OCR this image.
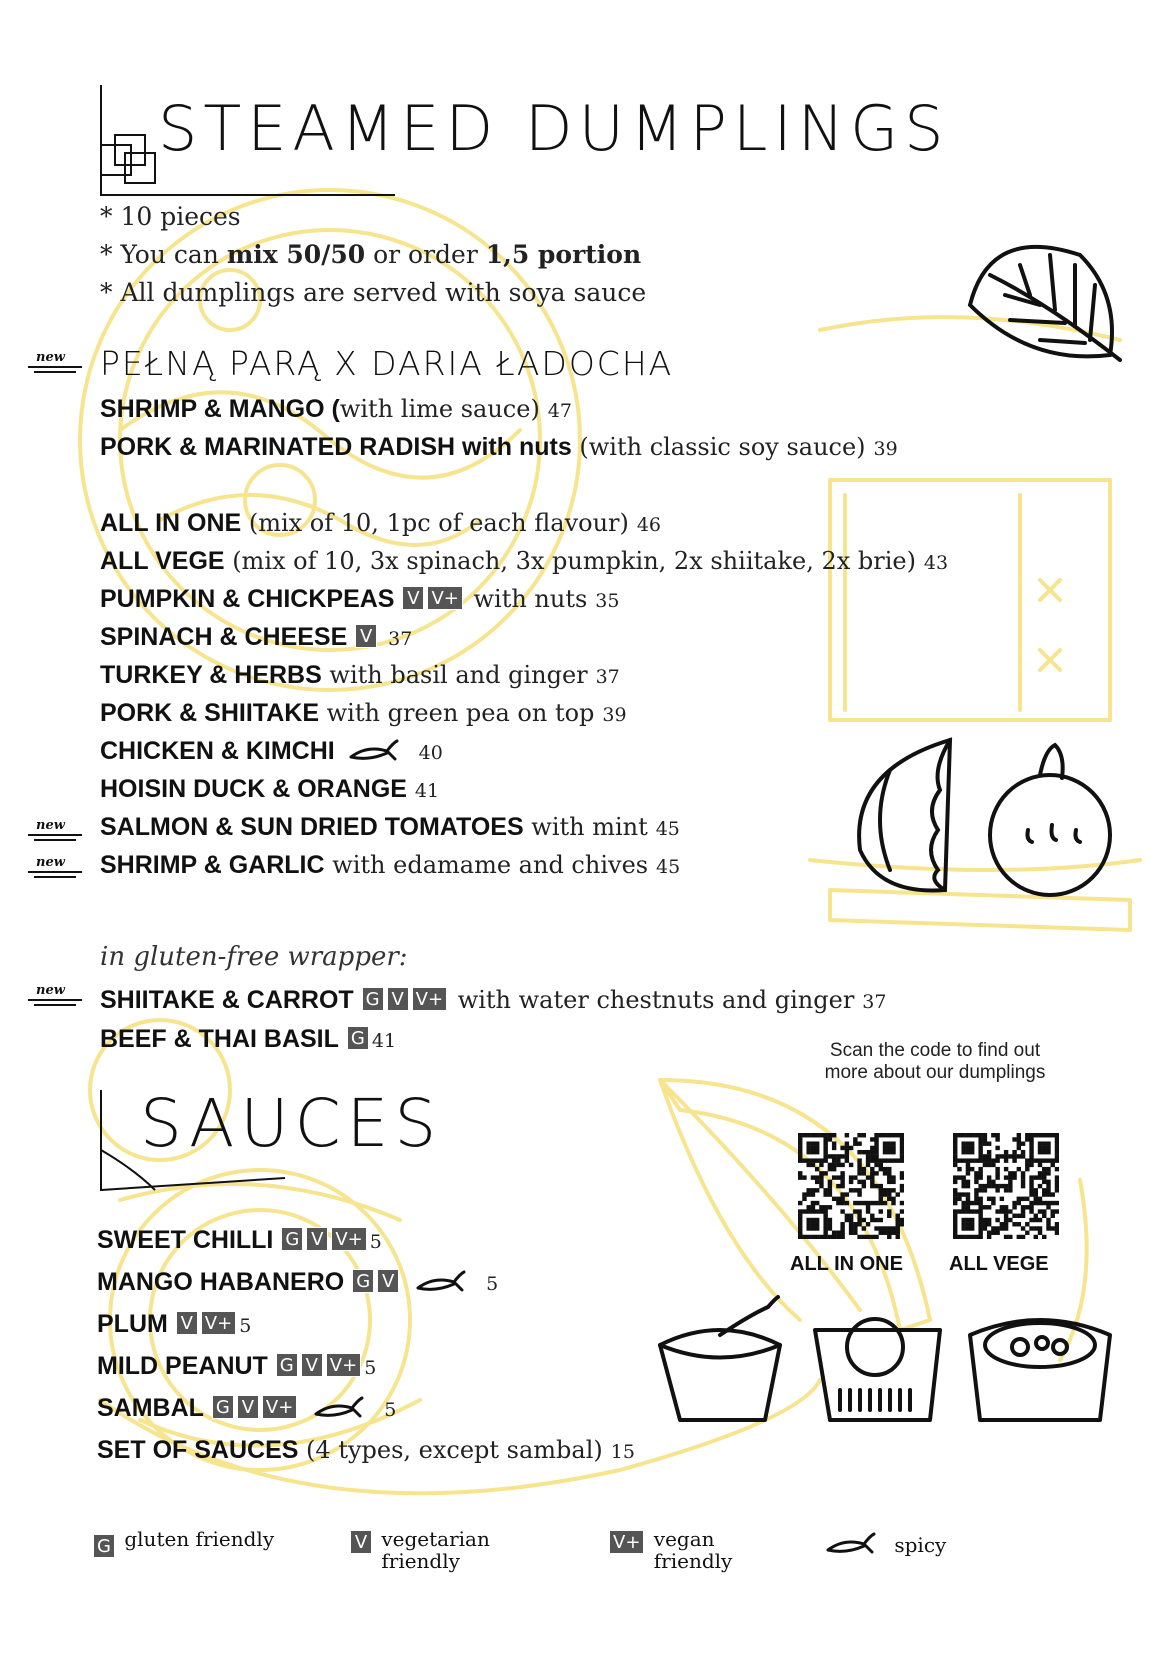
STEAMED DUMPLINGS
* 10 pieces
* You can mix 50/50 or order 1,5 portion
* All dumplings are served with soya sauce
new PEŁNĄ PARĄ X DARIA ŁADOCHA
SHRIMP & MANGO (with lime sauce) 47
PORK & MARINATED RADISH with nuts (with classic soy sauce) 39
ALL IN ONE (mix of 10, 1pc of each flavour) 46
ALL VEGE (mix of 10, 3x spinach, 3x pumpkin, 2x shiitake, 2x brie) 43
PUMPKIN & CHICKPEAS V V+ with nuts 35
SPINACH & CHEESE V 37
TURKEY & HERBS with basil and ginger 37
PORK & SHIITAKE with green pea on top 39
CHICKEN & KIMCHI	40
HOISIN DUCK & ORANGE 41
new SALMON & SUN DRIED TOMATOES with mint 45
new SHRIMP & GARLIC with edamame and chives 45
in gluten-free wrapper:
new SHIITAKE & CARROT G V V+ with water chestnuts and ginger 37
BEEF & THAI BASIL G 41
SAUCES
SWEET CHILLI G V V+ 5
MANGO HABANERO G V	5
PLUM V V+ 5
MILD PEANUT G V V+ 5
SAMBAL G V V+	5
SET OF SAUCES (4 types, except sambal) 15
Scan the code to find out
more about our dumplings
ALL IN ONE ALL VEGE
G gluten friendly	V vegetarian
friendly
V+ vegan
friendly
spicy
